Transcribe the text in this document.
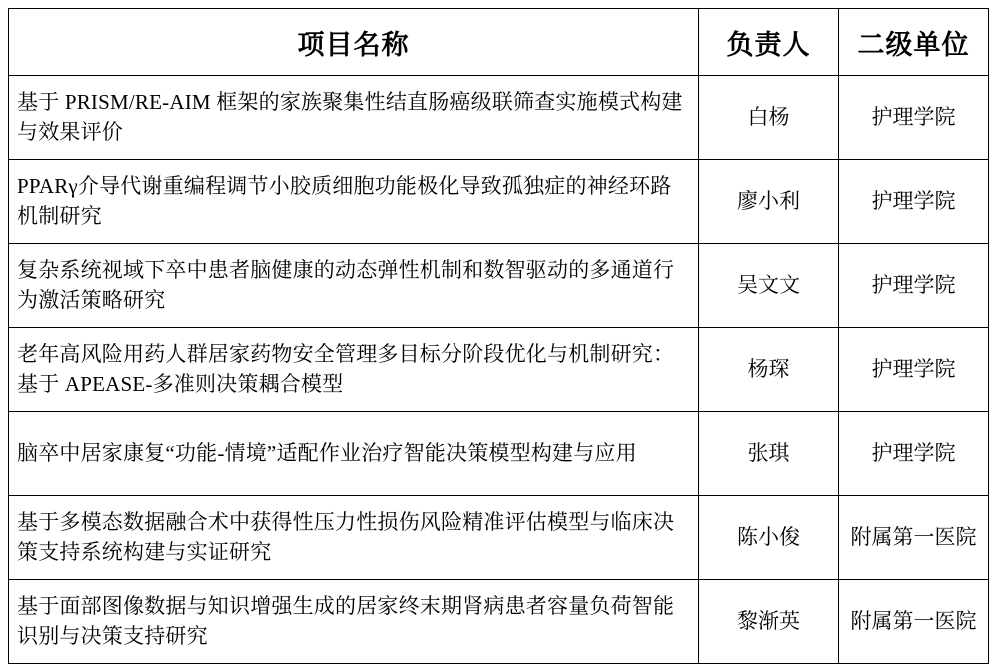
项目名称	负责人	二级单位
基于 PRISM/RE-AIM 框架的家族聚集性结直肠癌级联筛查实施模式构建与效果评价	白杨	护理学院
PPARγ介导代谢重编程调节小胶质细胞功能极化导致孤独症的神经环路机制研究	廖小利	护理学院
复杂系统视域下卒中患者脑健康的动态弹性机制和数智驱动的多通道行为激活策略研究	吴文文	护理学院
老年高风险用药人群居家药物安全管理多目标分阶段优化与机制研究：基于 APEASE-多准则决策耦合模型	杨琛	护理学院
脑卒中居家康复“功能-情境”适配作业治疗智能决策模型构建与应用	张琪	护理学院
基于多模态数据融合术中获得性压力性损伤风险精准评估模型与临床决策支持系统构建与实证研究	陈小俊	附属第一医院
基于面部图像数据与知识增强生成的居家终末期肾病患者容量负荷智能识别与决策支持研究	黎渐英	附属第一医院
